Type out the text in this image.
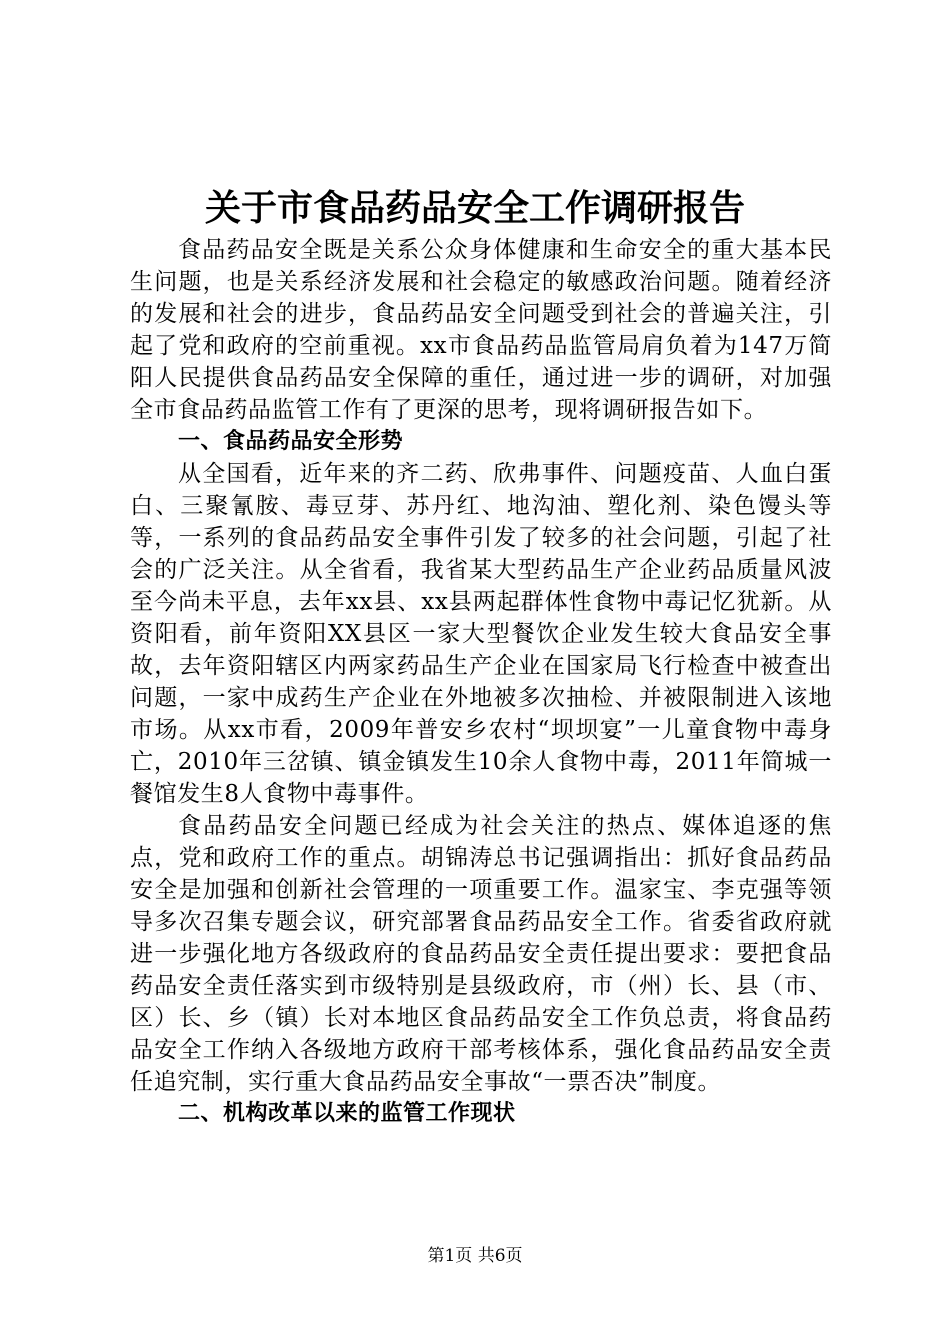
关于市食品药品安全工作调研报告

食品药品安全既是关系公众身体健康和生命安全的重大基本民生问题，也是关系经济发展和社会稳定的敏感政治问题。随着经济的发展和社会的进步，食品药品安全问题受到社会的普遍关注，引起了党和政府的空前重视。xx市食品药品监管局肩负着为147万简阳人民提供食品药品安全保障的重任，通过进一步的调研，对加强全市食品药品监管工作有了更深的思考，现将调研报告如下。

一、食品药品安全形势

从全国看，近年来的齐二药、欣弗事件、问题疫苗、人血白蛋白、三聚氰胺、毒豆芽、苏丹红、地沟油、塑化剂、染色馒头等等，一系列的食品药品安全事件引发了较多的社会问题，引起了社会的广泛关注。从全省看，我省某大型药品生产企业药品质量风波至今尚未平息，去年xx县、xx县两起群体性食物中毒记忆犹新。从资阳看，前年资阳XX县区一家大型餐饮企业发生较大食品安全事故，去年资阳辖区内两家药品生产企业在国家局飞行检查中被查出问题，一家中成药生产企业在外地被多次抽检、并被限制进入该地市场。从xx市看，2009年普安乡农村“坝坝宴”一儿童食物中毒身亡，2010年三岔镇、镇金镇发生10余人食物中毒，2011年简城一餐馆发生8人食物中毒事件。

食品药品安全问题已经成为社会关注的热点、媒体追逐的焦点，党和政府工作的重点。胡锦涛总书记强调指出：抓好食品药品安全是加强和创新社会管理的一项重要工作。温家宝、李克强等领导多次召集专题会议，研究部署食品药品安全工作。省委省政府就进一步强化地方各级政府的食品药品安全责任提出要求：要把食品药品安全责任落实到市级特别是县级政府，市（州）长、县（市、区）长、乡（镇）长对本地区食品药品安全工作负总责，将食品药品安全工作纳入各级地方政府干部考核体系，强化食品药品安全责任追究制，实行重大食品药品安全事故“一票否决”制度。

二、机构改革以来的监管工作现状

第1页 共6页
